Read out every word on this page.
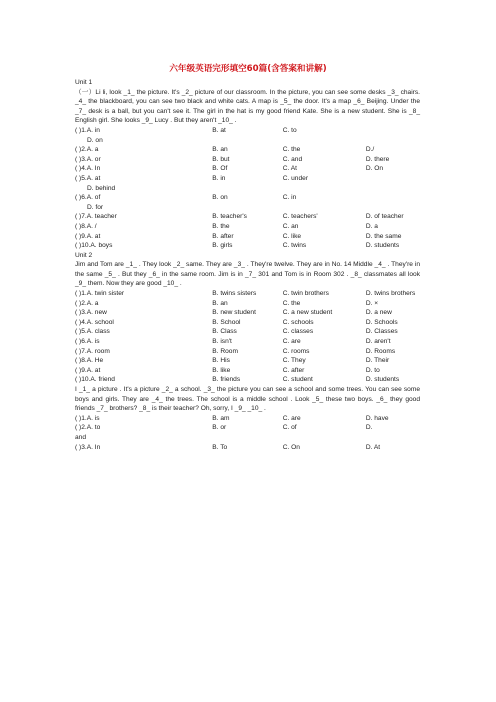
六年级英语完形填空60篇(含答案和讲解)
Unit 1
（一）Li li, look _1_ the picture. It's _2_ picture of our classroom. In the picture, you can see some desks _3_ chairs. _4_ the blackboard, you can see two black and white cats. A map is _5_ the door. It's a map _6_ Beijing. Under the _7_ desk is a ball, but you can't see it. The girl in the hat is my good friend Kate. She is a new student. She is _8_ English girl. She looks _9_ Lucy . But they aren't _10_ .
( )1.A. in	B. at	C. to
D. on
( )2.A. a	B. an	C. the	D./
( )3.A. or	B. but	C. and	D. there
( )4.A. In	B. Of	C. At	D. On
( )5.A. at	B. in	C. under
D. behind
( )6.A. of	B. on	C. in
D. for
( )7.A. teacher	B. teacher's	C. teachers'	D. of teacher
( )8.A. /	B. the	C. an	D. a
( )9.A. at	B. after	C. like	D. the same
( )10.A. boys	B. girls	C. twins	D. students
Unit 2
Jim and Tom are _1_ . They look _2_ same. They are _3_ . They're twelve. They are in No. 14 Middle _4_ . They're in the same _5_ . But they _6_ in the same room. Jim is in _7_ 301 and Tom is in Room 302 . _8_ classmates all look _9_ them. Now they are good _10_ .
( )1.A. twin sister	B. twins sisters	C. twin brothers	D. twins brothers
( )2.A. a	B. an	C. the	D. ×
( )3.A. new	B. new student	C. a new student	D. a new
( )4.A. school	B. School	C. schools	D. Schools
( )5.A. class	B. Class	C. classes	D. Classes
( )6.A. is	B. isn't	C. are	D. aren't
( )7.A. room	B. Room	C. rooms	D. Rooms
( )8.A. He	B. His	C. They	D. Their
( )9.A. at	B. like	C. after	D. to
( )10.A. friend	B. friends	C. student	D. students
I _1_ a picture . It's a picture _2_ a school. _3_ the picture you can see a school and some trees. You can see some boys and girls. They are _4_ the trees. The school is a middle school . Look _5_ these two boys. _6_ they good friends _7_ brothers? _8_ is their teacher? Oh, sorry, I _9_ _10_ .
( )1.A. is	B. am	C. are	D. have
( )2.A. to	B. or	C. of	D.
and
( )3.A. In	B. To	C. On	D. At
